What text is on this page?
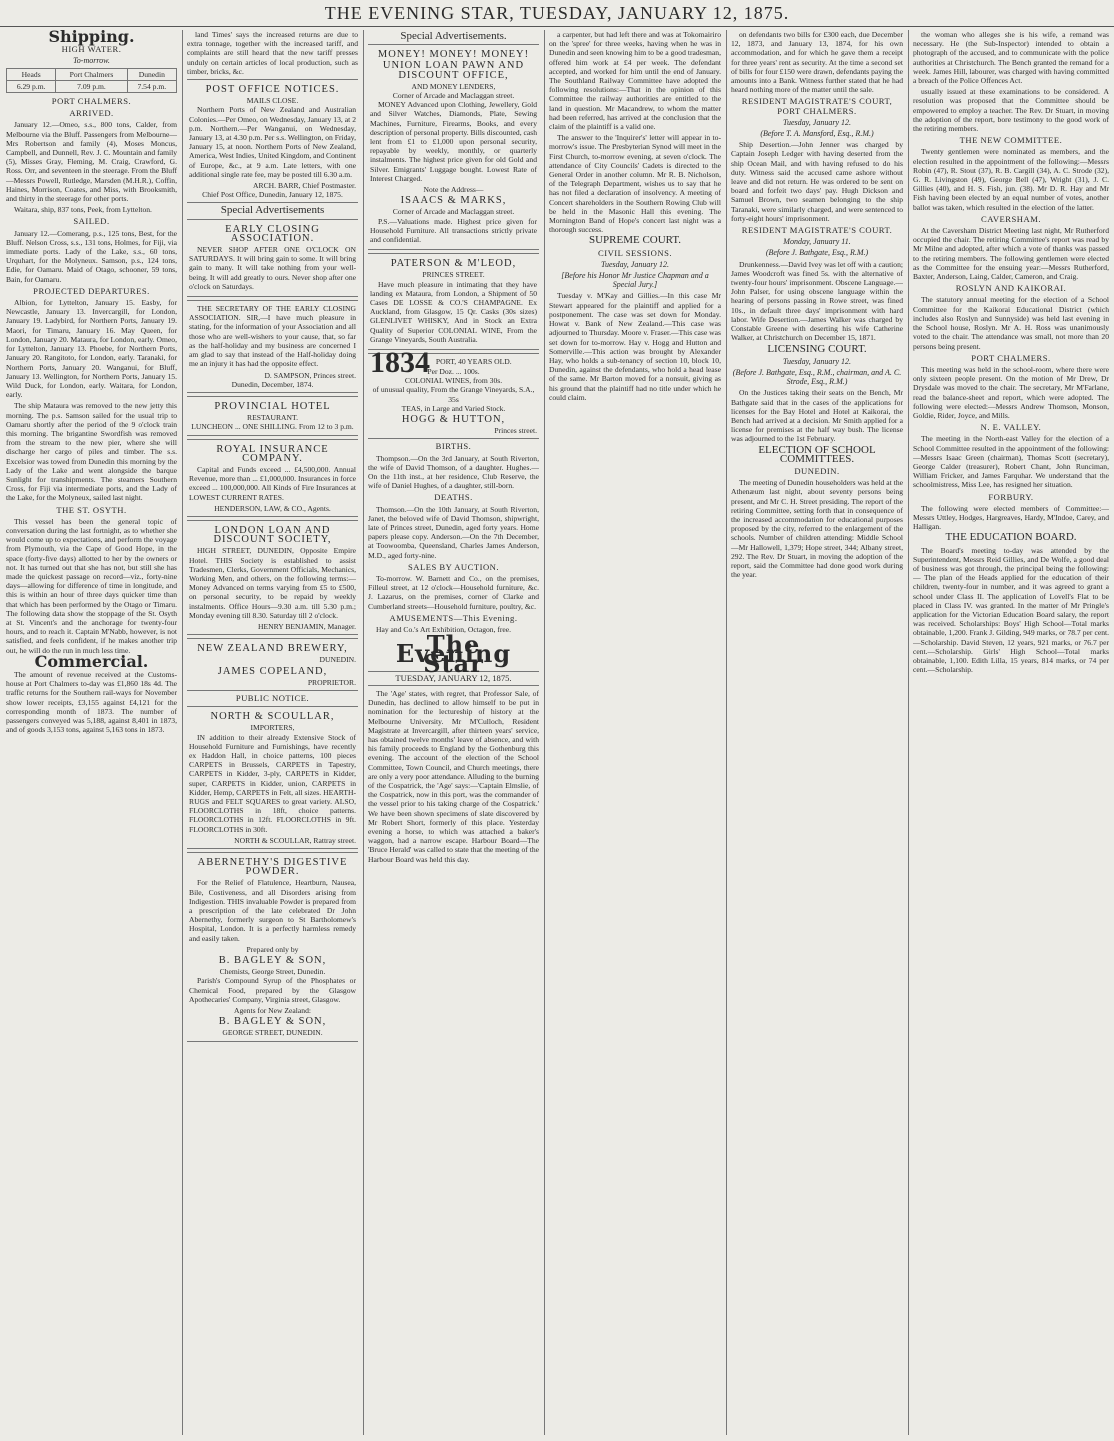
THE EVENING STAR, TUESDAY, JANUARY 12, 1875.
Shipping.
HIGH WATER.
To-morrow.
Heads	Port Chalmers	Dunedin
6.29 p.m.	7.09 p.m.	7.54 p.m.
PORT CHALMERS.
ARRIVED.

January 12.—Omeo, s.s., 800 tons, Calder, from Melbourne via the Bluff. Passengers from Melbourne—Mrs Robertson and family (4), Moses Moncus, Campbell, and Dunnell, Rev. J. C. Mountain and family (5), Misses Gray, Fleming, M. Craig, Crawford, G. Ross. Orr, and seventeen in the steerage. From the Bluff—Messrs Powell, Rutledge, Marsden (M.H.R.), Coffin, Haines, Morrison, Coates, and Miss, with Brooksmith, and thirty in the steerage for other ports.

Waitara, ship, 837 tons, Peek, from Lyttelton.

SAILED.

January 12.—Comerang, p.s., 125 tons, Best, for the Bluff. Nelson Cross, s.s., 131 tons, Holmes, for Fiji, via immediate ports. Lady of the Lake, s.s., 60 tons, Urquhart, for the Molyneux. Samson, p.s., 124 tons, Edie, for Oamaru. Maid of Otago, schooner, 59 tons, Bain, for Oamaru.

PROJECTED DEPARTURES.

Albion, for Lyttelton, January 15. Easby, for Newcastle, January 13. Invercargill, for London, January 19. Ladybird, for Northern Ports, January 19. Maori, for Timaru, January 16. May Queen, for London, January 20. Mataura, for London, early. Omeo, for Lyttelton, January 13. Phoebe, for Northern Ports, January 20. Rangitoto, for London, early. Taranaki, for Northern Ports, January 20. Wanganui, for Bluff, January 13. Wellington, for Northern Ports, January 15. Wild Duck, for London, early. Waitara, for London, early.

The ship Mataura was removed to the new jetty this morning. The p.s. Samson sailed for the usual trip to Oamaru shortly after the period of the 9 o'clock train this morning. The brigantine Swordfish was removed from the stream to the new pier, where she will discharge her cargo of piles and timber. The s.s. Excelsior was towed from Dunedin this morning by the Lady of the Lake and went alongside the barque Sunlight for transhipments. The steamers Southern Cross, for Fiji via intermediate ports, and the Lady of the Lake, for the Molyneux, sailed last night.

THE ST. OSYTH.

This vessel has been the general topic of conversation during the last fortnight, as to whether she would come up to expectations, and perform the voyage from Plymouth, via the Cape of Good Hope, in the space (forty-five days) allotted to her by the owners or not. It has turned out that she has not, but still she has made the quickest passage on record—viz., forty-nine days—allowing for difference of time in longitude, and this is within an hour of three days quicker time than that which has been performed by the Otago or Timaru. The following data show the stoppage of the St. Osyth at St. Vincent's and the anchorage for twenty-four hours, and to reach it. Captain M'Nabb, however, is not satisfied, and feels confident, if he makes another trip out, he will do the run in much less time.

Commercial.

The amount of revenue received at the Customs-house at Port Chalmers to-day was £1,860 18s 4d. The traffic returns for the Southern rail-ways for November show lower receipts, £3,155 against £4,121 for the corresponding month of 1873. The number of passengers conveyed was 5,188, against 8,401 in 1873, and of goods 3,153 tons, against 5,163 tons in 1873.

land Times' says the increased returns are due to extra tonnage, together with the increased tariff, and complaints are still heard that the new tariff presses unduly on certain articles of local production, such as timber, bricks, &c.

POST OFFICE NOTICES.
MAILS CLOSE.

Northern Ports of New Zealand and Australian Colonies.—Per Omeo, on Wednesday, January 13, at 2 p.m. Northern.—Per Wanganui, on Wednesday, January 13, at 4.30 p.m. Per s.s. Wellington, on Friday, January 15, at noon. Northern Ports of New Zealand, America, West Indies, United Kingdom, and Continent of Europe, &c., at 9 a.m. Late letters, with one additional single rate fee, may be posted till 6.30 a.m.

ARCH. BARR, Chief Postmaster.
Chief Post Office, Dunedin, January 12, 1875.
Special Advertisements
EARLY CLOSING ASSOCIATION.

NEVER SHOP AFTER ONE O'CLOCK ON SATURDAYS. It will bring gain to some. It will bring gain to many. It will take nothing from your well-being. It will add greatly to ours. Never shop after one o'clock on Saturdays.

THE SECRETARY OF THE EARLY CLOSING ASSOCIATION. SIR,—I have much pleasure in stating, for the information of your Association and all those who are well-wishers to your cause, that, so far as the half-holiday and my business are concerned I am glad to say that instead of the Half-holiday doing me an injury it has had the opposite effect.

D. SAMPSON, Princes street.
Dunedin, December, 1874.
PROVINCIAL HOTEL
RESTAURANT.
LUNCHEON ... ONE SHILLING. From 12 to 3 p.m.
ROYAL INSURANCE COMPANY.

Capital and Funds exceed ... £4,500,000. Annual Revenue, more than ... £1,000,000. Insurances in force exceed ... 100,000,000. All Kinds of Fire Insurances at LOWEST CURRENT RATES.

HENDERSON, LAW, & CO., Agents.
LONDON LOAN AND DISCOUNT SOCIETY,

HIGH STREET, DUNEDIN, Opposite Empire Hotel. THIS Society is established to assist Tradesmen, Clerks, Government Officials, Mechanics, Working Men, and others, on the following terms:— Money Advanced on terms varying from £5 to £500, on personal security, to be repaid by weekly instalments. Office Hours—9.30 a.m. till 5.30 p.m.; Monday evening till 8.30. Saturday till 2 o'clock.

HENRY BENJAMIN, Manager.
NEW ZEALAND BREWERY,
DUNEDIN.
JAMES COPELAND,
PROPRIETOR.
PUBLIC NOTICE.
NORTH & SCOULLAR,
IMPORTERS,

IN addition to their already Extensive Stock of Household Furniture and Furnishings, have recently ex Haddon Hall, in choice patterns, 100 pieces CARPETS in Brussels, CARPETS in Tapestry, CARPETS in Kidder, 3-ply, CARPETS in Kidder, super, CARPETS in Kidder, union, CARPETS in Kidder, Hemp, CARPETS in Felt, all sizes. HEARTH-RUGS and FELT SQUARES to great variety. ALSO, FLOORCLOTHS in 18ft, choice patterns. FLOORCLOTHS in 12ft. FLOORCLOTHS in 9ft. FLOORCLOTHS in 30ft.

NORTH & SCOULLAR, Rattray street.
ABERNETHY'S DIGESTIVE POWDER.

For the Relief of Flatulence, Heartburn, Nausea, Bile, Costiveness, and all Disorders arising from Indigestion. THIS invaluable Powder is prepared from a prescription of the late celebrated Dr John Abernethy, formerly surgeon to St Bartholomew's Hospital, London. It is a perfectly harmless remedy and easily taken.

Prepared only by
B. BAGLEY & SON,
Chemists, George Street, Dunedin.

Parish's Compound Syrup of the Phosphates or Chemical Food, prepared by the Glasgow Apothecaries' Company, Virginia street, Glasgow.

Agents for New Zealand:
B. BAGLEY & SON,
GEORGE STREET, DUNEDIN.
Special Advertisements.
MONEY! MONEY! MONEY!
UNION LOAN PAWN AND DISCOUNT OFFICE,
AND MONEY LENDERS,
Corner of Arcade and Maclaggan street.

MONEY Advanced upon Clothing, Jewellery, Gold and Silver Watches, Diamonds, Plate, Sewing Machines, Furniture, Firearms, Books, and every description of personal property. Bills discounted, cash lent from £1 to £1,000 upon personal security, repayable by weekly, monthly, or quarterly instalments. The highest price given for old Gold and Silver. Emigrants' Luggage bought. Lowest Rate of Interest Charged.

Note the Address—
ISAACS & MARKS,
Corner of Arcade and Maclaggan street.

P.S.—Valuations made. Highest price given for Household Furniture. All transactions strictly private and confidential.

PATERSON & M'LEOD,
PRINCES STREET.

Have much pleasure in intimating that they have landing ex Mataura, from London, a Shipment of 50 Cases DE LOSSE & CO.'S CHAMPAGNE. Ex Auckland, from Glasgow, 15 Qr. Casks (30s sizes) GLENLIVET WHISKY, And in Stock an Extra Quality of Superior COLONIAL WINE, From the Grange Vineyards, South Australia.

1834 PORT, 40 YEARS OLD.
Per Doz. ... 100s.
COLONIAL WINES, from 30s.
of unusual quality, From the Grange Vineyards, S.A., 35s
TEAS, in Large and Varied Stock.
HOGG & HUTTON,
Princes street.
BIRTHS.

Thompson.—On the 3rd January, at South Riverton, the wife of David Thomson, of a daughter. Hughes.—On the 11th inst., at her residence, Club Reserve, the wife of Daniel Hughes, of a daughter, still-born.

DEATHS.

Thomson.—On the 10th January, at South Riverton, Janet, the beloved wife of David Thomson, shipwright, late of Princes street, Dunedin, aged forty years. Home papers please copy. Anderson.—On the 7th December, at Toowoomba, Queensland, Charles James Anderson, M.D., aged forty-nine.

SALES BY AUCTION.

To-morrow. W. Barnett and Co., on the premises, Filleul street, at 12 o'clock—Household furniture, &c. J. Lazarus, on the premises, corner of Clarke and Cumberland streets—Household furniture, poultry, &c.

AMUSEMENTS—This Evening.

Hay and Co.'s Art Exhibition, Octagon, free.

The Evening Star
TUESDAY, JANUARY 12, 1875.

The 'Age' states, with regret, that Professor Sale, of Dunedin, has declined to allow himself to be put in nomination for the lectureship of history at the Melbourne University. Mr M'Culloch, Resident Magistrate at Invercargill, after thirteen years' service, has obtained twelve months' leave of absence, and with his family proceeds to England by the Gothenburg this evening. The account of the election of the School Committee, Town Council, and Church meetings, there are only a very poor attendance. Alluding to the burning of the Cospatrick, the 'Age' says:—'Captain Elmslie, of the Cospatrick, now in this port, was the commander of the vessel prior to his taking charge of the Cospatrick.' We have been shown specimens of slate discovered by Mr Robert Short, formerly of this place. Yesterday evening a horse, to which was attached a baker's waggon, had a narrow escape. Harbour Board—The 'Bruce Herald' was called to state that the meeting of the Harbour Board was held this day.

a carpenter, but had left there and was at Tokomairiro on the 'spree' for three weeks, having when he was in Dunedin and seen knowing him to be a good tradesman, offered him work at £4 per week. The defendant accepted, and worked for him until the end of January. The Southland Railway Committee have adopted the following resolutions:—That in the opinion of this Committee the railway authorities are entitled to the land in question. Mr Macandrew, to whom the matter had been referred, has arrived at the conclusion that the claim of the plaintiff is a valid one.

The answer to the 'Inquirer's' letter will appear in to-morrow's issue. The Presbyterian Synod will meet in the First Church, to-morrow evening, at seven o'clock. The attendance of City Councils' Cadets is directed to the General Order in another column. Mr R. B. Nicholson, of the Telegraph Department, wishes us to say that he has not filed a declaration of insolvency. A meeting of Concert shareholders in the Southern Rowing Club will be held in the Masonic Hall this evening. The Mornington Band of Hope's concert last night was a thorough success.

SUPREME COURT.
CIVIL SESSIONS.
Tuesday, January 12.
[Before his Honor Mr Justice Chapman and a Special Jury.]

Tuesday v. M'Kay and Gillies.—In this case Mr Stewart appeared for the plaintiff and applied for a postponement. The case was set down for Monday. Howat v. Bank of New Zealand.—This case was adjourned to Thursday. Moore v. Fraser.—This case was set down for to-morrow. Hay v. Hogg and Hutton and Somerville.—This action was brought by Alexander Hay, who holds a sub-tenancy of section 10, block 10, Dunedin, against the defendants, who hold a head lease of the same. Mr Barton moved for a nonsuit, giving as his ground that the plaintiff had no title under which he could claim.

on defendants two bills for £300 each, due December 12, 1873, and January 13, 1874, for his own accommodation, and for which he gave them a receipt for three years' rent as security. At the time a second set of bills for four £150 were drawn, defendants paying the amounts into a Bank. Witness further stated that he had heard nothing more of the matter until the sale.

RESIDENT MAGISTRATE'S COURT, PORT CHALMERS.
Tuesday, January 12.
(Before T. A. Mansford, Esq., R.M.)

Ship Desertion.—John Jenner was charged by Captain Joseph Ledger with having deserted from the ship Ocean Mail, and with having refused to do his duty. Witness said the accused came ashore without leave and did not return. He was ordered to be sent on board and forfeit two days' pay. Hugh Dickson and Samuel Brown, two seamen belonging to the ship Taranaki, were similarly charged, and were sentenced to forty-eight hours' imprisonment.

RESIDENT MAGISTRATE'S COURT.
Monday, January 11.
(Before J. Bathgate, Esq., R.M.)

Drunkenness.—David Ivey was let off with a caution; James Woodcroft was fined 5s. with the alternative of twenty-four hours' imprisonment. Obscene Language.—John Palser, for using obscene language within the hearing of persons passing in Rowe street, was fined 10s., in default three days' imprisonment with hard labor. Wife Desertion.—James Walker was charged by Constable Greene with deserting his wife Catherine Walker, at Christchurch on December 15, 1871.

LICENSING COURT.
Tuesday, January 12.
(Before J. Bathgate, Esq., R.M., chairman, and A. C. Strode, Esq., R.M.)

On the Justices taking their seats on the Bench, Mr Bathgate said that in the cases of the applications for licenses for the Bay Hotel and Hotel at Kaikorai, the Bench had arrived at a decision. Mr Smith applied for a license for premises at the half way bush. The license was adjourned to the 1st February.

ELECTION OF SCHOOL COMMITTEES.
DUNEDIN.

The meeting of Dunedin householders was held at the Athenæum last night, about seventy persons being present, and Mr C. H. Street presiding. The report of the retiring Committee, setting forth that in consequence of the increased accommodation for educational purposes proposed by the city, referred to the enlargement of the schools. Number of children attending: Middle School—Mr Hallowell, 1,379; Hope street, 344; Albany street, 292. The Rev. Dr Stuart, in moving the adoption of the report, said the Committee had done good work during the year.

the woman who alleges she is his wife, a remand was necessary. He (the Sub-Inspector) intended to obtain a photograph of the accused, and to communicate with the police authorities at Christchurch. The Bench granted the remand for a week. James Hill, labourer, was charged with having committed a breach of the Police Offences Act.

usually issued at these examinations to be considered. A resolution was proposed that the Committee should be empowered to employ a teacher. The Rev. Dr Stuart, in moving the adoption of the report, bore testimony to the good work of the retiring members.

THE NEW COMMITTEE.

Twenty gentlemen were nominated as members, and the election resulted in the appointment of the following:—Messrs Robin (47), R. Stout (37), R. B. Cargill (34), A. C. Strode (32), G. R. Livingston (49), George Bell (47), Wright (31), J. C. Gillies (40), and H. S. Fish, jun. (38). Mr D. R. Hay and Mr Fish having been elected by an equal number of votes, another ballot was taken, which resulted in the election of the latter.

CAVERSHAM.

At the Caversham District Meeting last night, Mr Rutherford occupied the chair. The retiring Committee's report was read by Mr Milne and adopted, after which a vote of thanks was passed to the retiring members. The following gentlemen were elected as the Committee for the ensuing year:—Messrs Rutherford, Baxter, Anderson, Laing, Calder, Cameron, and Craig.

ROSLYN AND KAIKORAI.

The statutory annual meeting for the election of a School Committee for the Kaikorai Educational District (which includes also Roslyn and Sunnyside) was held last evening in the School house, Roslyn. Mr A. H. Ross was unanimously voted to the chair. The attendance was small, not more than 20 persons being present.

PORT CHALMERS.

This meeting was held in the school-room, where there were only sixteen people present. On the motion of Mr Drew, Dr Drysdale was moved to the chair. The secretary, Mr M'Farlane, read the balance-sheet and report, which were adopted. The following were elected:—Messrs Andrew Thomson, Monson, Goldie, Rider, Joyce, and Mills.

N. E. VALLEY.

The meeting in the North-east Valley for the election of a School Committee resulted in the appointment of the following:—Messrs Isaac Green (chairman), Thomas Scott (secretary), George Calder (treasurer), Robert Chant, John Runciman, William Fricker, and James Farquhar. We understand that the schoolmistress, Miss Lee, has resigned her situation.

FORBURY.

The following were elected members of Committee:—Messrs Uttley, Hodges, Hargreaves, Hardy, M'Indoe, Carey, and Halligan.

THE EDUCATION BOARD.

The Board's meeting to-day was attended by the Superintendent, Messrs Reid Gillies, and De Wolfe, a good deal of business was got through, the principal being the following:— The plan of the Heads applied for the education of their children, twenty-four in number, and it was agreed to grant a school under Class II. The application of Lovell's Flat to be placed in Class IV. was granted. In the matter of Mr Pringle's application for the Victorian Education Board salary, the report was received. Scholarships: Boys' High School—Total marks obtainable, 1,200. Frank J. Gilding, 949 marks, or 78.7 per cent.—Scholarship. David Steven, 12 years, 921 marks, or 76.7 per cent.—Scholarship. Girls' High School—Total marks obtainable, 1,100. Edith Lilla, 15 years, 814 marks, or 74 per cent.—Scholarship.
